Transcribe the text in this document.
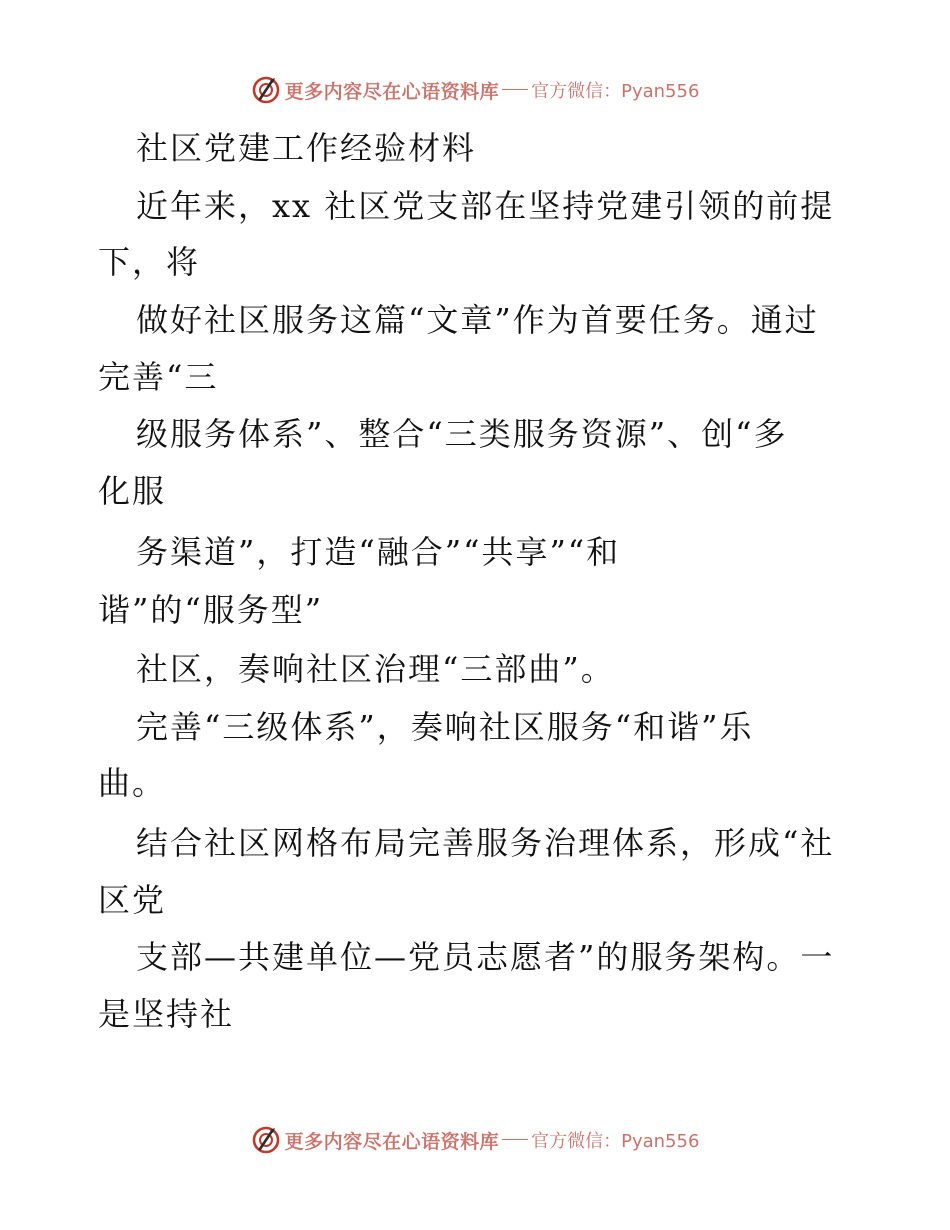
更多内容尽在心语资料库 官方微信：Pyan556
社区党建工作经验材料
近年来，xx 社区党支部在坚持党建引领的前提
下，将
做好社区服务这篇“文章”作为首要任务。通过
完善“三
级服务体系”、整合“三类服务资源”、创“多
化服
务渠道”，打造“融合”“共享”“和
谐”的“服务型”
社区，奏响社区治理“三部曲”。
完善“三级体系”，奏响社区服务“和谐”乐
曲。
结合社区网格布局完善服务治理体系，形成“社
区党
支部—共建单位—党员志愿者”的服务架构。一
是坚持社
更多内容尽在心语资料库 官方微信：Pyan556
